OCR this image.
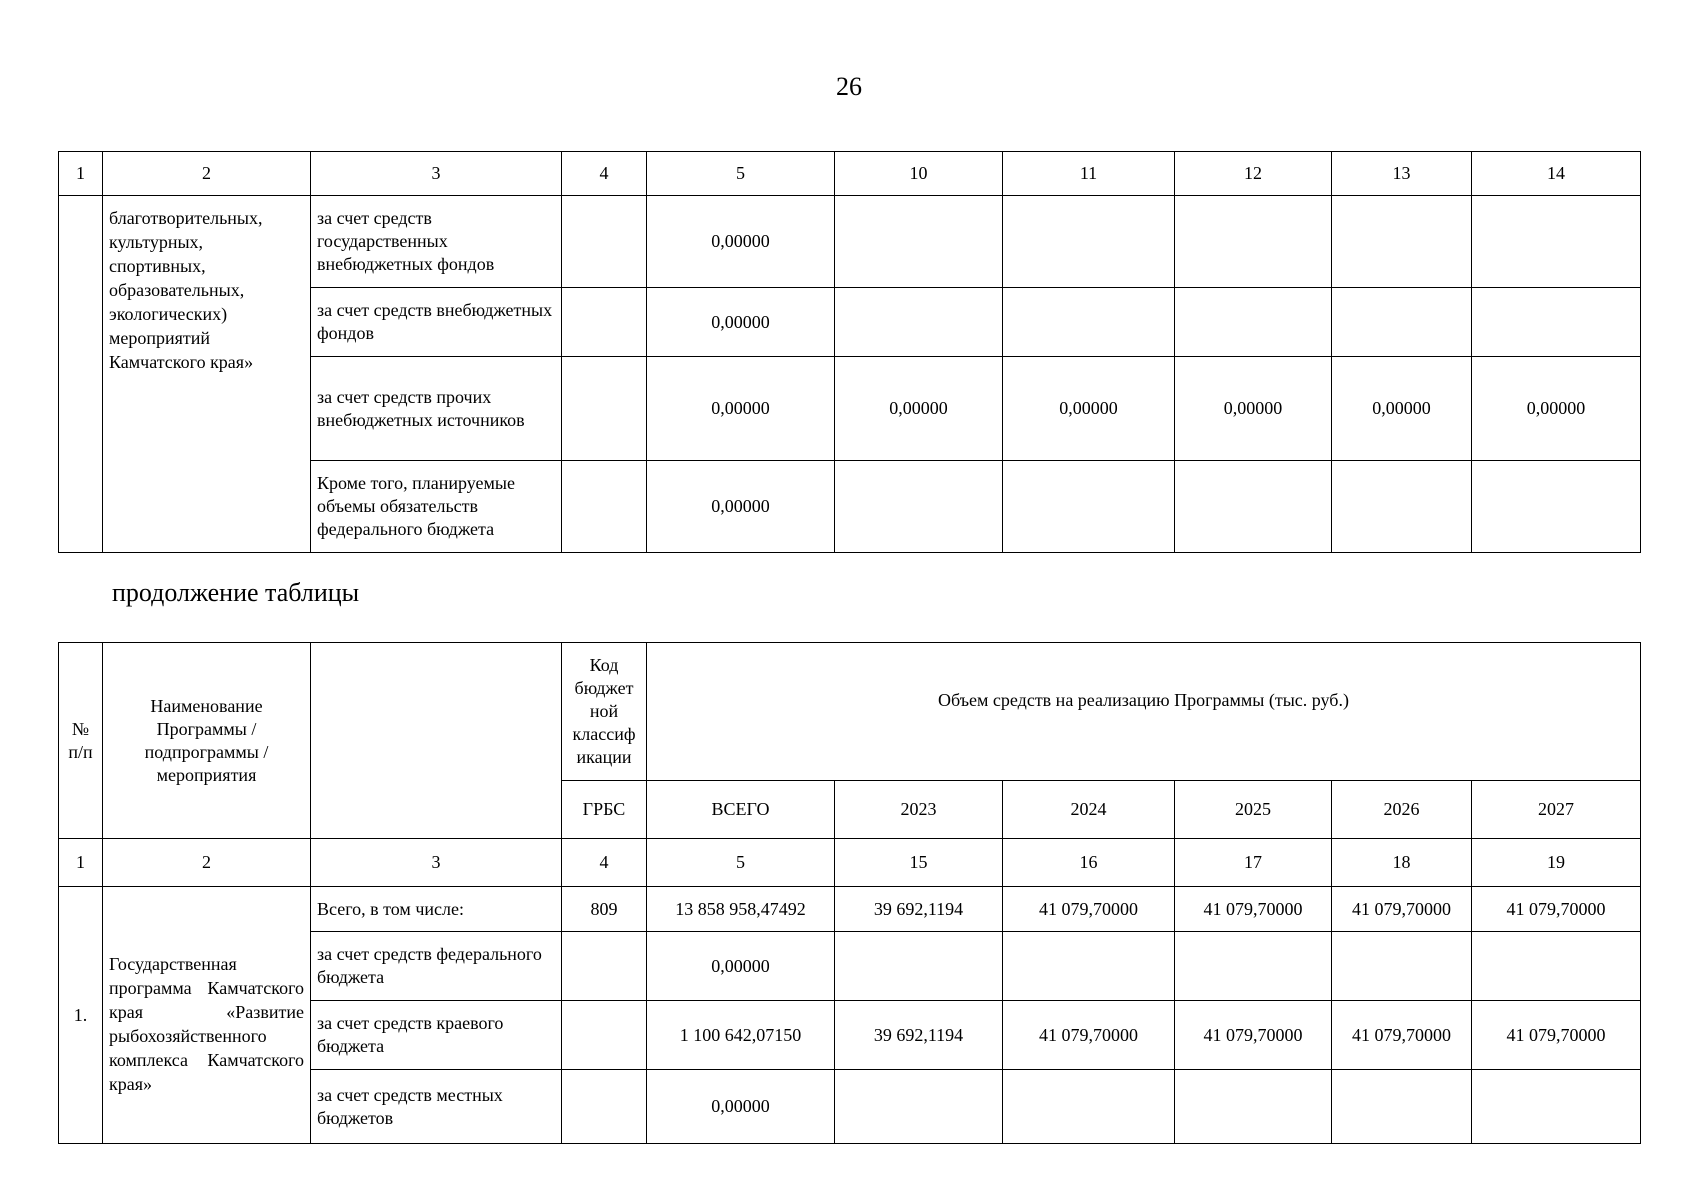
26
1	2	3	4	5	10	11	12	13	14
	благотворительных, культурных, спортивных, образовательных, экологических) мероприятий Камчатского края»	за счет средств государственных внебюджетных фондов		0,00000					
		за счет средств внебюджетных фондов		0,00000					
		за счет средств прочих внебюджетных источников		0,00000	0,00000	0,00000	0,00000	0,00000	0,00000
		Кроме того, планируемые объемы обязательств федерального бюджета		0,00000					
продолжение таблицы
№ п/п	Наименование Программы / подпрограммы / мероприятия		Код бюджет ной классиф икации	Объем средств на реализацию Программы (тыс. руб.)					
			ГРБС	ВСЕГО	2023	2024	2025	2026	2027
1	2	3	4	5	15	16	17	18	19
1.	Государственная программа Камчатского края «Развитие рыбохозяйственного комплекса Камчатского края»	Всего, в том числе:	809	13 858 958,47492	39 692,1194	41 079,70000	41 079,70000	41 079,70000	41 079,70000
		за счет средств федерального бюджета		0,00000					
		за счет средств краевого бюджета		1 100 642,07150	39 692,1194	41 079,70000	41 079,70000	41 079,70000	41 079,70000
		за счет средств местных бюджетов		0,00000					
